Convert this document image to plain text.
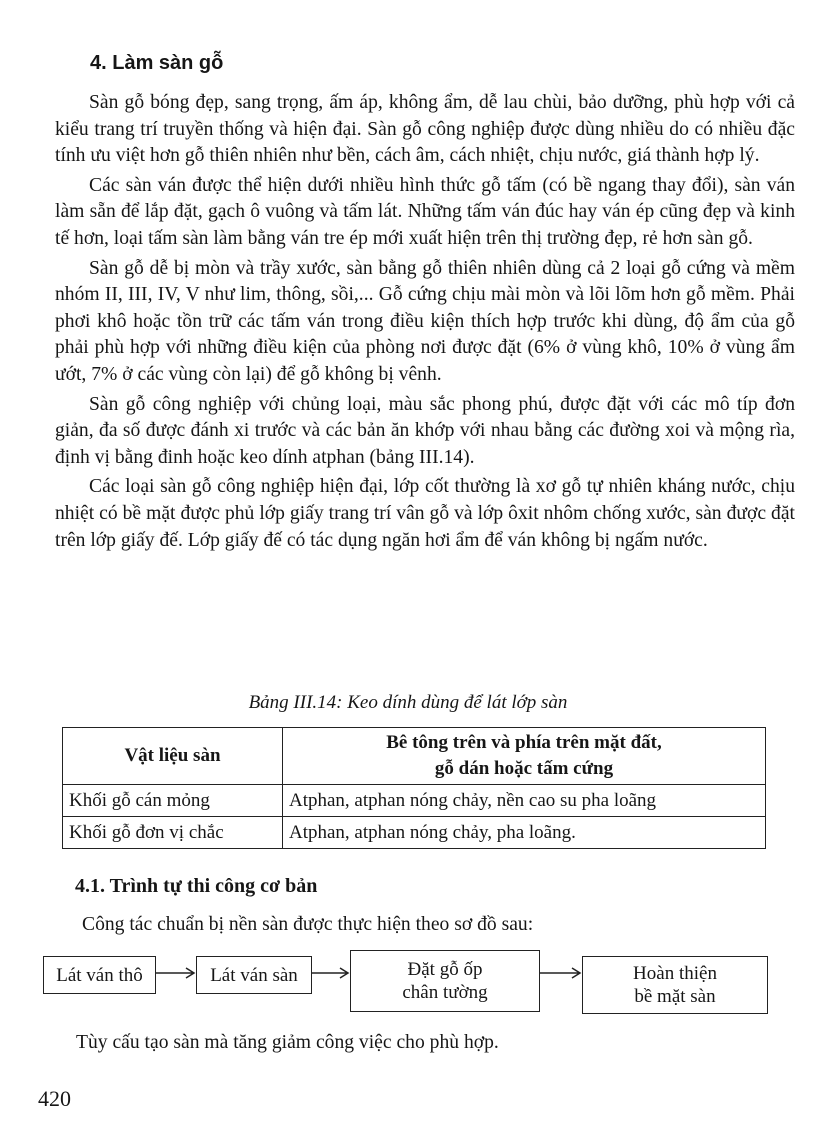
4. Làm sàn gỗ

Sàn gỗ bóng đẹp, sang trọng, ấm áp, không ẩm, dễ lau chùi, bảo dưỡng, phù hợp với cả kiểu trang trí truyền thống và hiện đại. Sàn gỗ công nghiệp được dùng nhiều do có nhiều đặc tính ưu việt hơn gỗ thiên nhiên như bền, cách âm, cách nhiệt, chịu nước, giá thành hợp lý.

Các sàn ván được thể hiện dưới nhiều hình thức gỗ tấm (có bề ngang thay đổi), sàn ván làm sẵn để lắp đặt, gạch ô vuông và tấm lát. Những tấm ván đúc hay ván ép cũng đẹp và kinh tế hơn, loại tấm sàn làm bằng ván tre ép mới xuất hiện trên thị trường đẹp, rẻ hơn sàn gỗ.

Sàn gỗ dễ bị mòn và trầy xước, sàn bằng gỗ thiên nhiên dùng cả 2 loại gỗ cứng và mềm nhóm II, III, IV, V như lim, thông, sồi,... Gỗ cứng chịu mài mòn và lõi lõm hơn gỗ mềm. Phải phơi khô hoặc tồn trữ các tấm ván trong điều kiện thích hợp trước khi dùng, độ ẩm của gỗ phải phù hợp với những điều kiện của phòng nơi được đặt (6% ở vùng khô, 10% ở vùng ẩm ướt, 7% ở các vùng còn lại) để gỗ không bị vênh.

Sàn gỗ công nghiệp với chủng loại, màu sắc phong phú, được đặt với các mô típ đơn giản, đa số được đánh xi trước và các bản ăn khớp với nhau bằng các đường xoi và mộng rìa, định vị bằng đinh hoặc keo dính atphan (bảng III.14).

Các loại sàn gỗ công nghiệp hiện đại, lớp cốt thường là xơ gỗ tự nhiên kháng nước, chịu nhiệt có bề mặt được phủ lớp giấy trang trí vân gỗ và lớp ôxit nhôm chống xước, sàn được đặt trên lớp giấy đế. Lớp giấy đế có tác dụng ngăn hơi ẩm để ván không bị ngấm nước.

Bảng III.14: Keo dính dùng để lát lớp sàn
Vật liệu sàn	Bê tông trên và phía trên mặt đất,
gỗ dán hoặc tấm cứng
Khối gỗ cán mỏng	Atphan, atphan nóng chảy, nền cao su pha loãng
Khối gỗ đơn vị chắc	Atphan, atphan nóng chảy, pha loãng.
4.1. Trình tự thi công cơ bản
Công tác chuẩn bị nền sàn được thực hiện theo sơ đồ sau:
Lát ván thô	Lát ván sàn	Đặt gỗ ốp
chân tường
Hoàn thiện
bề mặt sàn
Tùy cấu tạo sàn mà tăng giảm công việc cho phù hợp.
420
